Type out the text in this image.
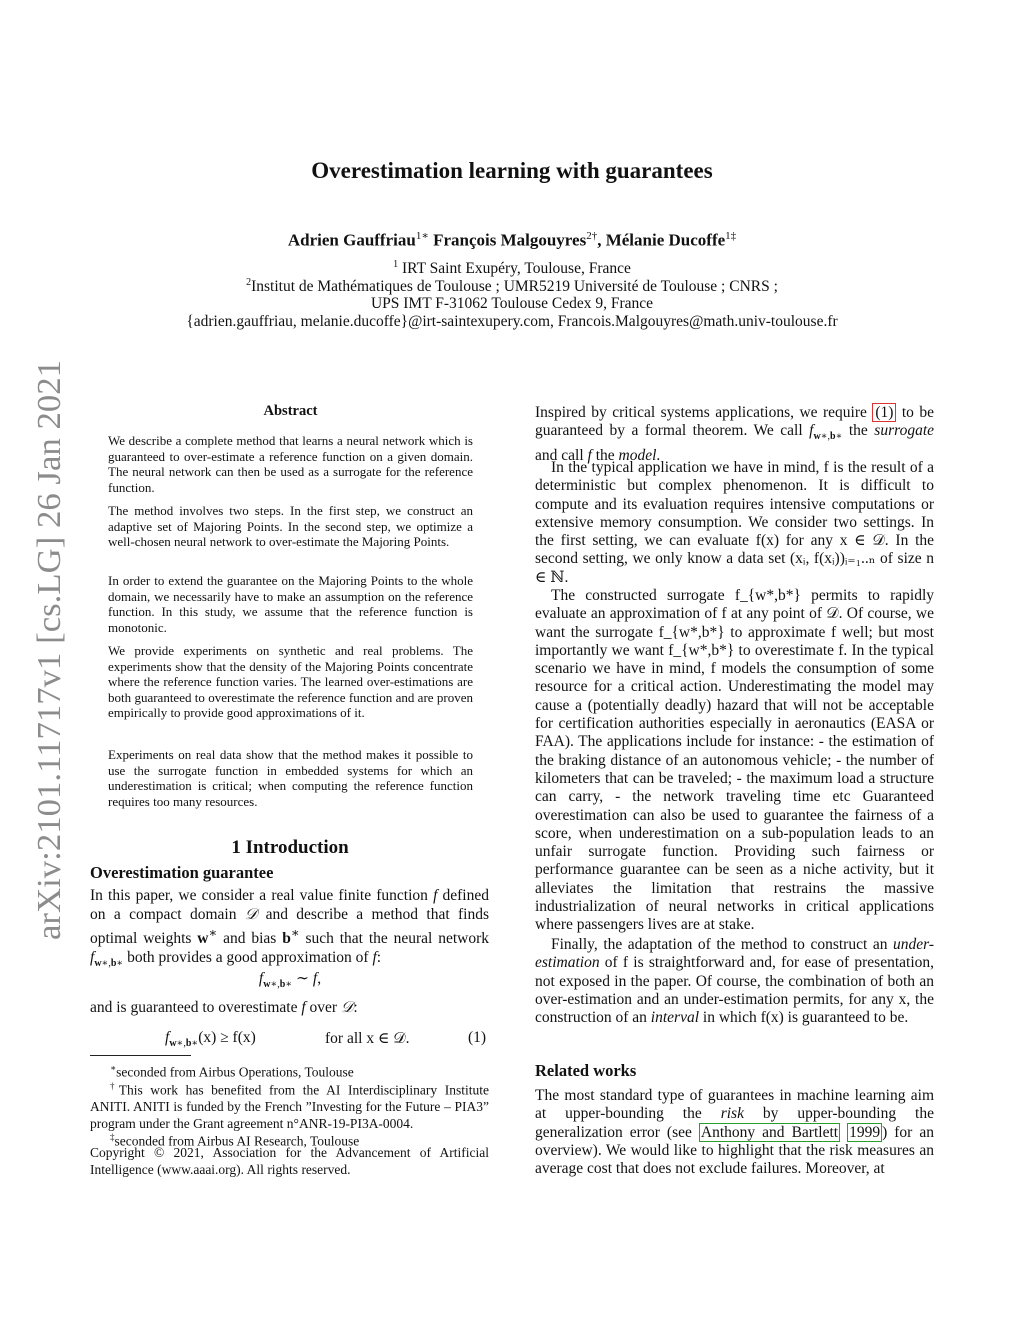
Overestimation learning with guarantees
Adrien Gauffriau$^{1∗}$ François Malgouyres$^{2\dagger}$, Mélanie Ducoffe$^{1\ddagger}$
$^1$ IRT Saint Exupéry, Toulouse, France
$^2$Institut de Mathématiques de Toulouse ; UMR5219 Université de Toulouse ; CNRS ;
UPS IMT F-31062 Toulouse Cedex 9, France
{adrien.gauffriau, melanie.ducoffe}@irt-saintexupery.com, Francois.Malgouyres@math.univ-toulouse.fr
arXiv:2101.11717v1 [cs.LG] 26 Jan 2021	Abstract

We describe a complete method that learns a neural network which is guaranteed to over-estimate a reference function on a given domain. The neural network can then be used as a surrogate for the reference function.

The method involves two steps. In the first step, we construct an adaptive set of Majoring Points. In the second step, we optimize a well-chosen neural network to over-estimate the Majoring Points.

In order to extend the guarantee on the Majoring Points to the whole domain, we necessarily have to make an assumption on the reference function. In this study, we assume that the reference function is monotonic.

We provide experiments on synthetic and real problems. The experiments show that the density of the Majoring Points concentrate where the reference function varies. The learned over-estimations are both guaranteed to overestimate the reference function and are proven empirically to provide good approximations of it.

Experiments on real data show that the method makes it possible to use the surrogate function in embedded systems for which an underestimation is critical; when computing the reference function requires too many resources.

1 Introduction
Overestimation guarantee

In this paper, we consider a real value finite function f defined on a compact domain 𝒟 and describe a method that finds optimal weights w∗ and bias b∗ such that the neural network $f_{w∗,b∗}$ both provides a good approximation of f:

$f_{w∗,b∗}$ ∼ f,

and is guaranteed to overestimate f over 𝒟:

$f_{w∗,b∗}(x) \ge f(x)$	for all x ∈ 𝒟.	(1)

∗seconded from Airbus Operations, Toulouse

†This work has benefited from the AI Interdisciplinary Institute ANITI. ANITI is funded by the French ”Investing for the Future – PIA3” program under the Grant agreement n°ANR-19-PI3A-0004.

‡seconded from Airbus AI Research, Toulouse

Copyright © 2021, Association for the Advancement of Artificial Intelligence (www.aaai.org). All rights reserved.

Inspired by critical systems applications, we require (1) to be guaranteed by a formal theorem. We call $f_{w∗,b∗}$ the surrogate and call f the model.

In the typical application we have in mind, f is the result of a deterministic but complex phenomenon. It is difficult to compute and its evaluation requires intensive computations or extensive memory consumption. We consider two settings. In the first setting, we can evaluate f(x) for any x ∈ 𝒟. In the second setting, we only know a data set (xᵢ, f(xᵢ))ᵢ₌₁..ₙ of size n ∈ ℕ.

The constructed surrogate f_{w*,b*} permits to rapidly evaluate an approximation of f at any point of 𝒟. Of course, we want the surrogate f_{w*,b*} to approximate f well; but most importantly we want f_{w*,b*} to overestimate f. In the typical scenario we have in mind, f models the consumption of some resource for a critical action. Underestimating the model may cause a (potentially deadly) hazard that will not be acceptable for certification authorities especially in aeronautics (EASA or FAA). The applications include for instance: - the estimation of the braking distance of an autonomous vehicle; - the number of kilometers that can be traveled; - the maximum load a structure can carry, - the network traveling time etc Guaranteed overestimation can also be used to guarantee the fairness of a score, when underestimation on a sub-population leads to an unfair surrogate function. Providing such fairness or performance guarantee can be seen as a niche activity, but it alleviates the limitation that restrains the massive industrialization of neural networks in critical applications where passengers lives are at stake.

Finally, the adaptation of the method to construct an under-estimation of f is straightforward and, for ease of presentation, not exposed in the paper. Of course, the combination of both an over-estimation and an under-estimation permits, for any x, the construction of an interval in which f(x) is guaranteed to be.

Related works

The most standard type of guarantees in machine learning aim at upper-bounding the risk by upper-bounding the generalization error (see Anthony and Bartlett 1999 ) for an overview). We would like to highlight that the risk measures an average cost that does not exclude failures. Moreover, at
